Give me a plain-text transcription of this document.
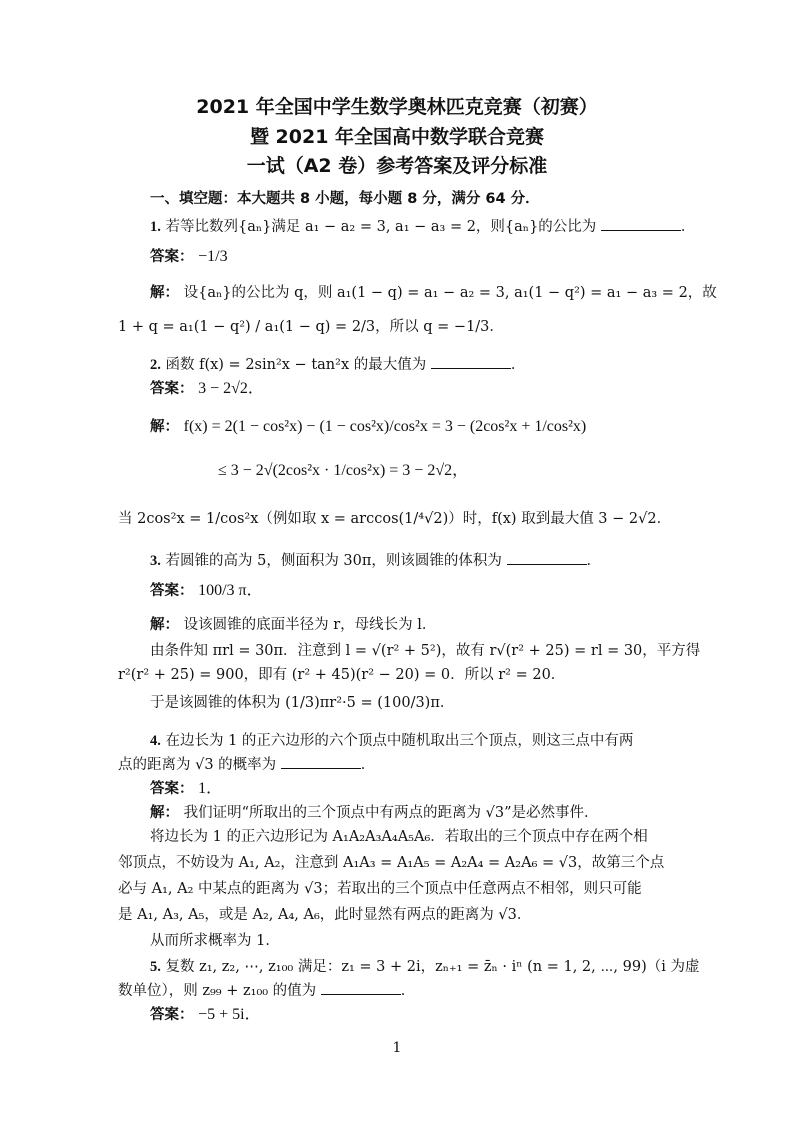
2021 年全国中学生数学奥林匹克竞赛（初赛）
暨 2021 年全国高中数学联合竞赛
一试（A2 卷）参考答案及评分标准
一、填空题：本大题共 8 小题，每小题 8 分，满分 64 分．
1. 若等比数列{aₙ}满足 a₁ − a₂ = 3, a₁ − a₃ = 2，则{aₙ}的公比为	．
答案： −1/3
解： 设{aₙ}的公比为 q，则 a₁(1 − q) = a₁ − a₂ = 3, a₁(1 − q²) = a₁ − a₃ = 2，故
1 + q = a₁(1 − q²) / a₁(1 − q) = 2/3，所以 q = −1/3．
2. 函数 f(x) = 2sin²x − tan²x 的最大值为	．
答案： 3 − 2√2．
解： f(x) = 2(1 − cos²x) − (1 − cos²x)/cos²x = 3 − (2cos²x + 1/cos²x)
≤ 3 − 2√(2cos²x · 1/cos²x) = 3 − 2√2，
当 2cos²x = 1/cos²x（例如取 x = arccos(1/⁴√2)）时，f(x) 取到最大值 3 − 2√2．
3. 若圆锥的高为 5，侧面积为 30π，则该圆锥的体积为	．
答案： 100/3 π．
解： 设该圆锥的底面半径为 r，母线长为 l．
由条件知 πrl = 30π．注意到 l = √(r² + 5²)，故有 r√(r² + 25) = rl = 30，平方得
r²(r² + 25) = 900，即有 (r² + 45)(r² − 20) = 0．所以 r² = 20．
于是该圆锥的体积为 (1/3)πr²·5 = (100/3)π．
4. 在边长为 1 的正六边形的六个顶点中随机取出三个顶点，则这三点中有两
点的距离为 √3 的概率为	．
答案： 1．
解： 我们证明“所取出的三个顶点中有两点的距离为 √3”是必然事件．
将边长为 1 的正六边形记为 A₁A₂A₃A₄A₅A₆．若取出的三个顶点中存在两个相
邻顶点，不妨设为 A₁, A₂，注意到 A₁A₃ = A₁A₅ = A₂A₄ = A₂A₆ = √3，故第三个点
必与 A₁, A₂ 中某点的距离为 √3；若取出的三个顶点中任意两点不相邻，则只可能
是 A₁, A₃, A₅，或是 A₂, A₄, A₆，此时显然有两点的距离为 √3．
从而所求概率为 1．
5. 复数 z₁, z₂, ⋯, z₁₀₀ 满足：z₁ = 3 + 2i，zₙ₊₁ = z̄ₙ · iⁿ (n = 1, 2, ⋯, 99)（i 为虚
数单位），则 z₉₉ + z₁₀₀ 的值为	．
答案： −5 + 5i．
1
